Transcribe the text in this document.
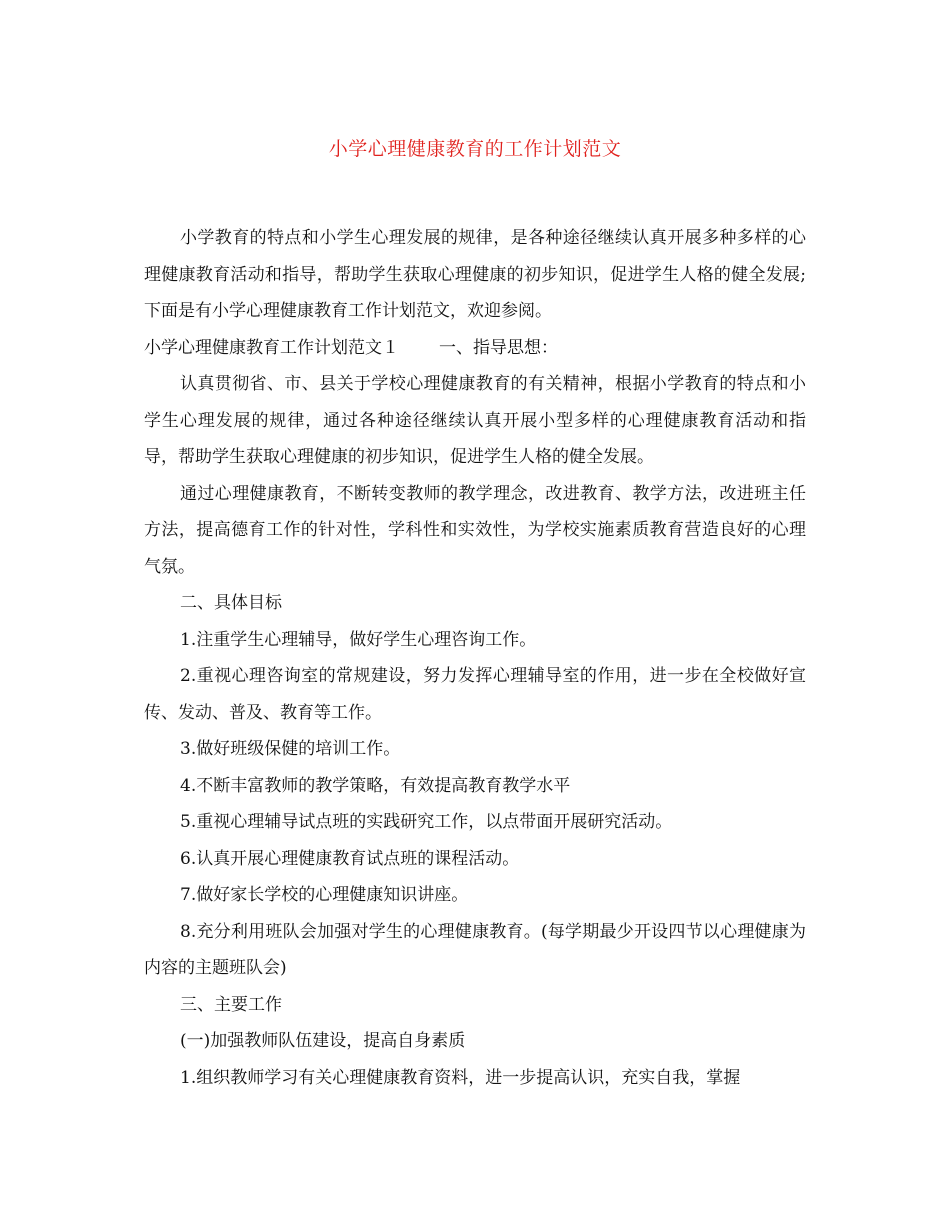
小学心理健康教育的工作计划范文

小学教育的特点和小学生心理发展的规律，是各种途径继续认真开展多种多样的心理健康教育活动和指导，帮助学生获取心理健康的初步知识，促进学生人格的健全发展;下面是有小学心理健康教育工作计划范文，欢迎参阅。

小学心理健康教育工作计划范文１ 一、指导思想：

认真贯彻省、市、县关于学校心理健康教育的有关精神，根据小学教育的特点和小学生心理发展的规律，通过各种途径继续认真开展小型多样的心理健康教育活动和指导，帮助学生获取心理健康的初步知识，促进学生人格的健全发展。

通过心理健康教育，不断转变教师的教学理念，改进教育、教学方法，改进班主任方法，提高德育工作的针对性，学科性和实效性，为学校实施素质教育营造良好的心理气氛。

二、具体目标

1.注重学生心理辅导，做好学生心理咨询工作。

2.重视心理咨询室的常规建设，努力发挥心理辅导室的作用，进一步在全校做好宣传、发动、普及、教育等工作。

3.做好班级保健的培训工作。

4.不断丰富教师的教学策略，有效提高教育教学水平

5.重视心理辅导试点班的实践研究工作，以点带面开展研究活动。

6.认真开展心理健康教育试点班的课程活动。

7.做好家长学校的心理健康知识讲座。

8.充分利用班队会加强对学生的心理健康教育。(每学期最少开设四节以心理健康为内容的主题班队会)

三、主要工作

(一)加强教师队伍建设，提高自身素质

1.组织教师学习有关心理健康教育资料，进一步提高认识，充实自我，掌握
